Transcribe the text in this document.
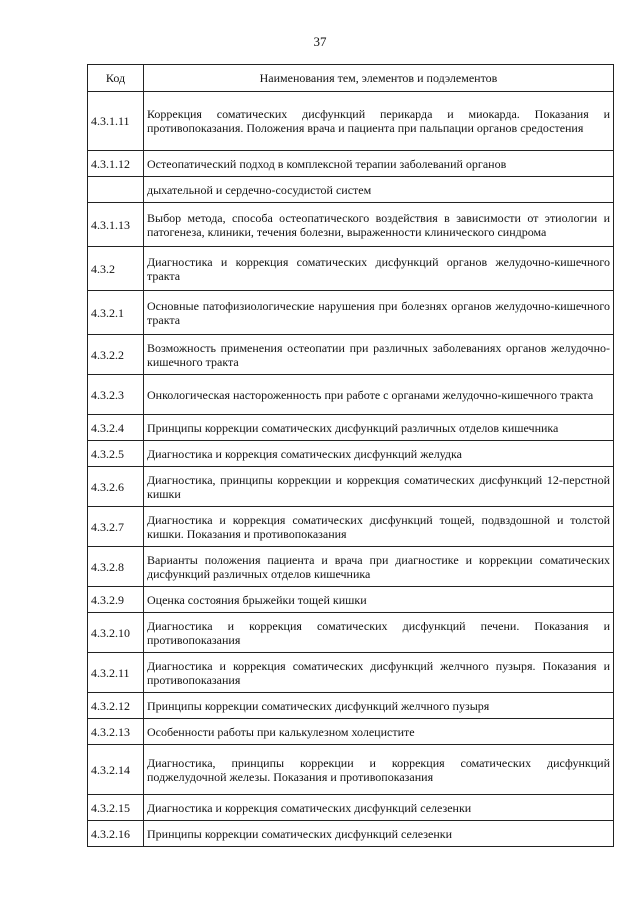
37
Код	Наименования тем, элементов и подэлементов
4.3.1.11	Коррекция соматических дисфункций перикарда и миокарда. Показания и противопоказания. Положения врача и пациента при пальпации органов средостения
4.3.1.12	Остеопатический подход в комплексной терапии заболеваний органов
	дыхательной и сердечно-сосудистой систем
4.3.1.13	Выбор метода, способа остеопатического воздействия в зависимости от этиологии и патогенеза, клиники, течения болезни, выраженности клинического синдрома
4.3.2	Диагностика и коррекция соматических дисфункций органов желудочно-кишечного тракта
4.3.2.1	Основные патофизиологические нарушения при болезнях органов желудочно-кишечного тракта
4.3.2.2	Возможность применения остеопатии при различных заболеваниях органов желудочно-кишечного тракта
4.3.2.3	Онкологическая настороженность при работе с органами желудочно-кишечного тракта
4.3.2.4	Принципы коррекции соматических дисфункций различных отделов кишечника
4.3.2.5	Диагностика и коррекция соматических дисфункций желудка
4.3.2.6	Диагностика, принципы коррекции и коррекция соматических дисфункций 12-перстной кишки
4.3.2.7	Диагностика и коррекция соматических дисфункций тощей, подвздошной и толстой кишки. Показания и противопоказания
4.3.2.8	Варианты положения пациента и врача при диагностике и коррекции соматических дисфункций различных отделов кишечника
4.3.2.9	Оценка состояния брыжейки тощей кишки
4.3.2.10	Диагностика и коррекция соматических дисфункций печени. Показания и противопоказания
4.3.2.11	Диагностика и коррекция соматических дисфункций желчного пузыря. Показания и противопоказания
4.3.2.12	Принципы коррекции соматических дисфункций желчного пузыря
4.3.2.13	Особенности работы при калькулезном холецистите
4.3.2.14	Диагностика, принципы коррекции и коррекция соматических дисфункций поджелудочной железы. Показания и противопоказания
4.3.2.15	Диагностика и коррекция соматических дисфункций селезенки
4.3.2.16	Принципы коррекции соматических дисфункций селезенки
